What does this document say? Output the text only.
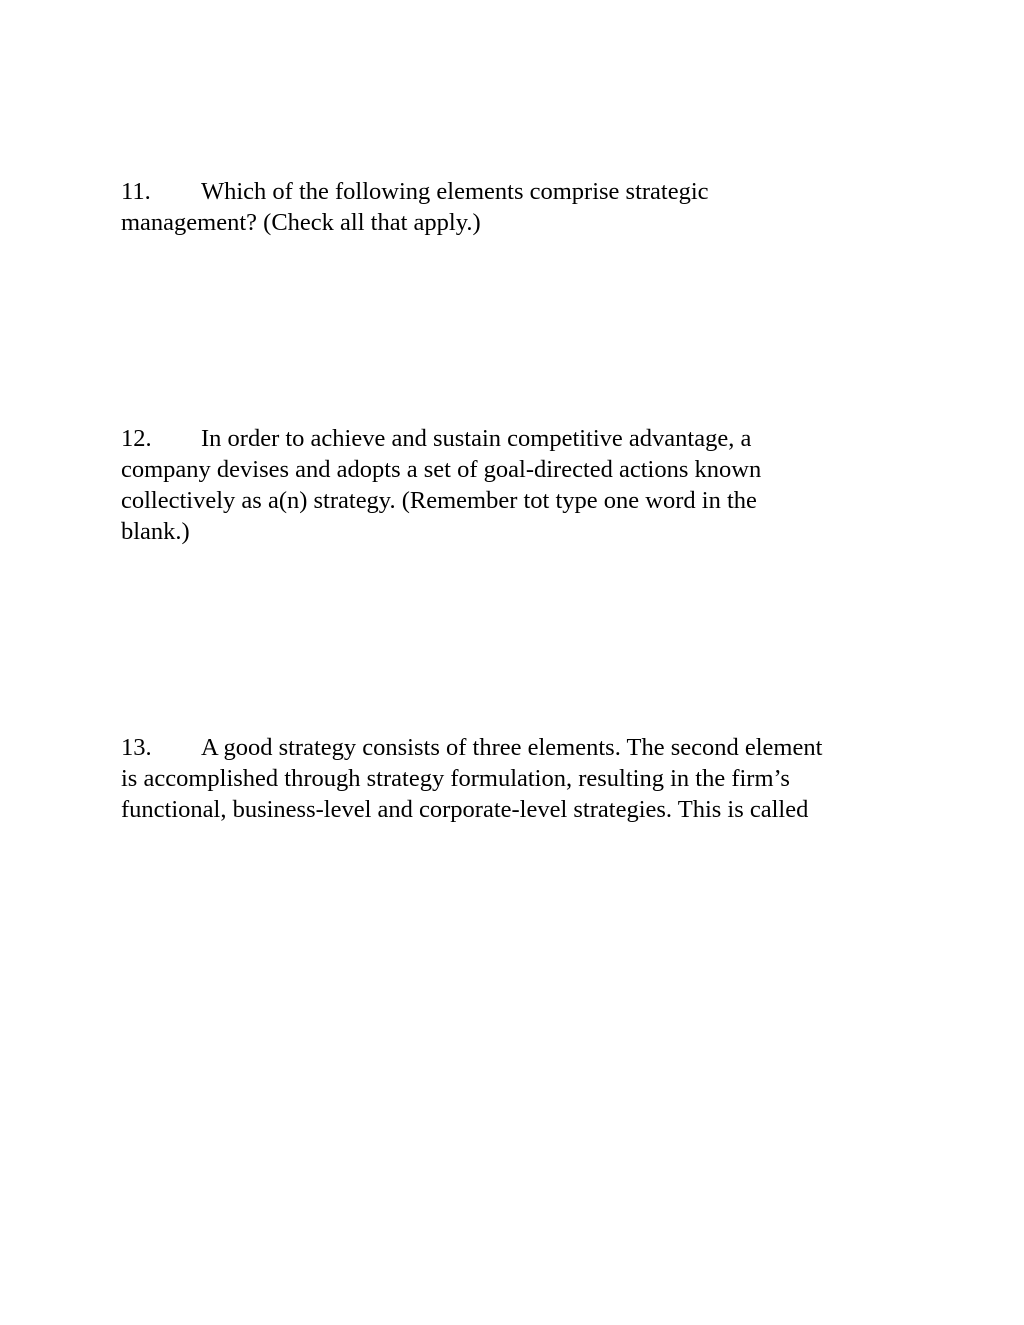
11. Which of the following elements comprise strategic
management? (Check all that apply.)

12. In order to achieve and sustain competitive advantage, a
company devises and adopts a set of goal-directed actions known
collectively as a(n) strategy. (Remember tot type one word in the
blank.)

13. A good strategy consists of three elements. The second element
is accomplished through strategy formulation, resulting in the firm’s
functional, business-level and corporate-level strategies. This is called
